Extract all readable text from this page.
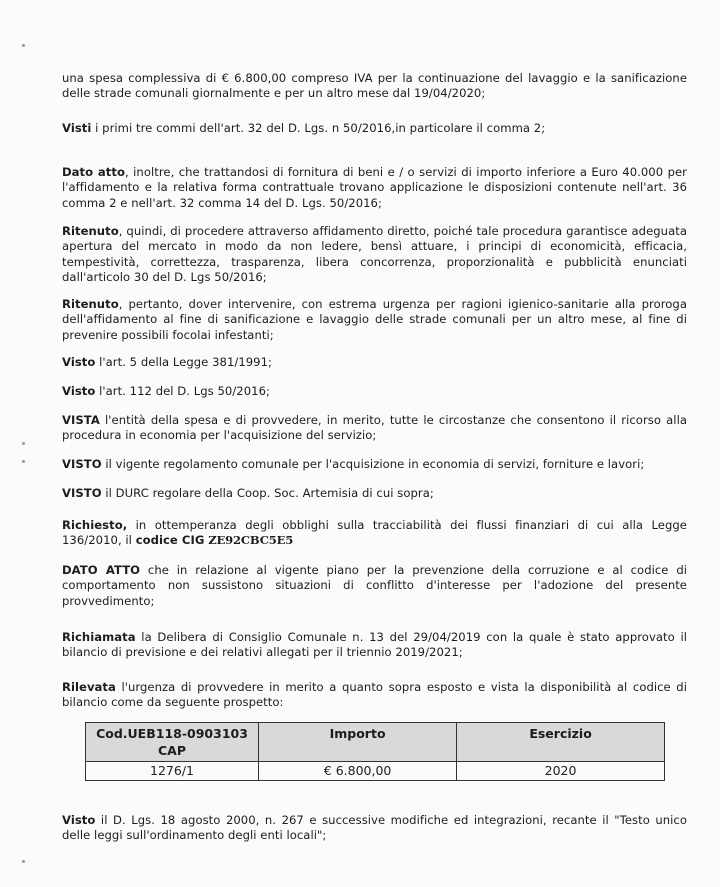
una spesa complessiva di € 6.800,00 compreso IVA per la continuazione del lavaggio e la sanificazione delle strade comunali giornalmente e per un altro mese dal 19/04/2020;

Visti i primi tre commi dell'art. 32 del D. Lgs. n 50/2016,in particolare il comma 2;

Dato atto, inoltre, che trattandosi di fornitura di beni e / o servizi di importo inferiore a Euro 40.000 per l'affidamento e la relativa forma contrattuale trovano applicazione le disposizioni contenute nell'art. 36 comma 2 e nell'art. 32 comma 14 del D. Lgs. 50/2016;

Ritenuto, quindi, di procedere attraverso affidamento diretto, poiché tale procedura garantisce adeguata apertura del mercato in modo da non ledere, bensì attuare, i principi di economicità, efficacia, tempestività, correttezza, trasparenza, libera concorrenza, proporzionalità e pubblicità enunciati dall'articolo 30 del D. Lgs 50/2016;

Ritenuto, pertanto, dover intervenire, con estrema urgenza per ragioni igienico-sanitarie alla proroga dell'affidamento al fine di sanificazione e lavaggio delle strade comunali per un altro mese, al fine di prevenire possibili focolai infestanti;

Visto l'art. 5 della Legge 381/1991;

Visto l'art. 112 del D. Lgs 50/2016;

VISTA l'entità della spesa e di provvedere, in merito, tutte le circostanze che consentono il ricorso alla procedura in economia per l'acquisizione del servizio;

VISTO il vigente regolamento comunale per l'acquisizione in economia di servizi, forniture e lavori;

VISTO il DURC regolare della Coop. Soc. Artemisia di cui sopra;

Richiesto, in ottemperanza degli obblighi sulla tracciabilità dei flussi finanziari di cui alla Legge 136/2010, il codice CIG ZE92CBC5E5

DATO ATTO che in relazione al vigente piano per la prevenzione della corruzione e al codice di comportamento non sussistono situazioni di conflitto d'interesse per l'adozione del presente provvedimento;

Richiamata la Delibera di Consiglio Comunale n. 13 del 29/04/2019 con la quale è stato approvato il bilancio di previsione e dei relativi allegati per il triennio 2019/2021;

Rilevata l'urgenza di provvedere in merito a quanto sopra esposto e vista la disponibilità al codice di bilancio come da seguente prospetto:

Cod.UEB118-0903103 CAP	Importo	Esercizio
1276/1	€ 6.800,00	2020

Visto il D. Lgs. 18 agosto 2000, n. 267 e successive modifiche ed integrazioni, recante il "Testo unico delle leggi sull'ordinamento degli enti locali";
